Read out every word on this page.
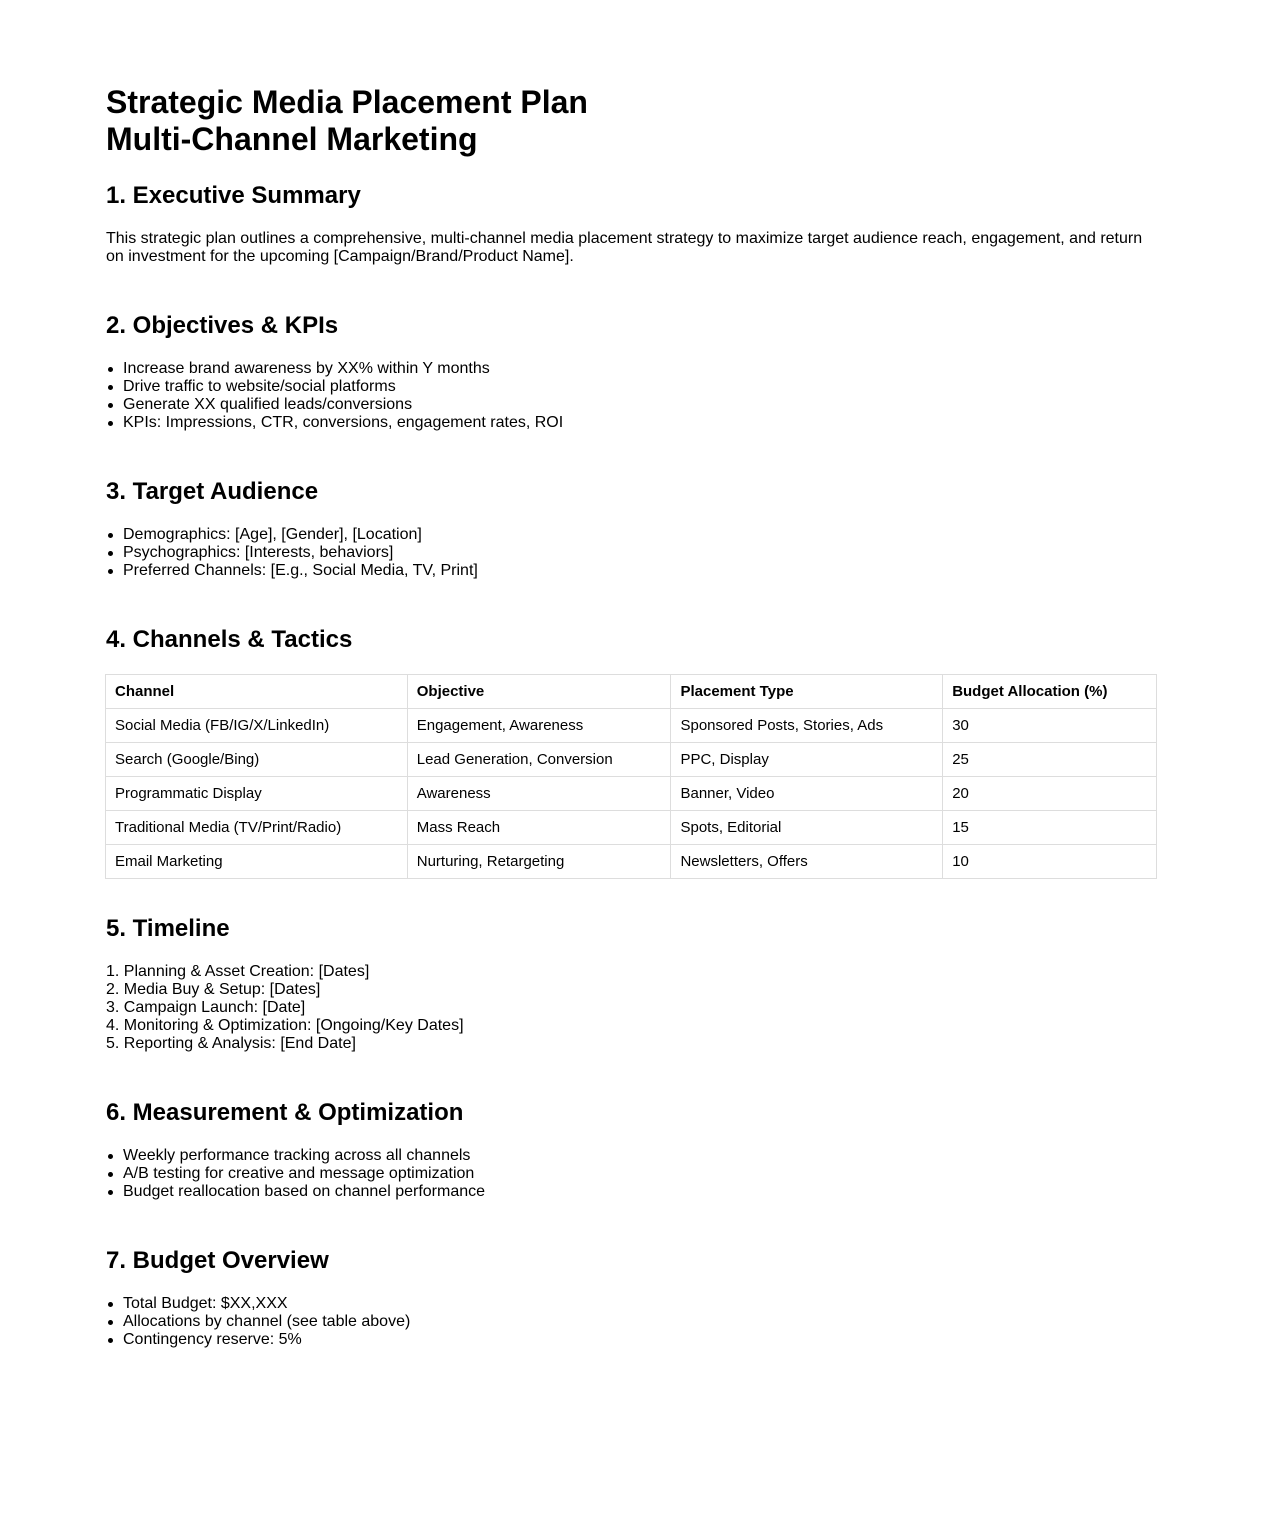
Strategic Media Placement Plan
Multi-Channel Marketing
1. Executive Summary

This strategic plan outlines a comprehensive, multi-channel media placement strategy to maximize target audience reach, engagement, and return on investment for the upcoming [Campaign/Brand/Product Name].

2. Objectives & KPIs
Increase brand awareness by XX% within Y months
Drive traffic to website/social platforms
Generate XX qualified leads/conversions
KPIs: Impressions, CTR, conversions, engagement rates, ROI
3. Target Audience
Demographics: [Age], [Gender], [Location]
Psychographics: [Interests, behaviors]
Preferred Channels: [E.g., Social Media, TV, Print]
4. Channels & Tactics
Channel	Objective	Placement Type	Budget Allocation (%)
Social Media (FB/IG/X/LinkedIn)	Engagement, Awareness	Sponsored Posts, Stories, Ads	30
Search (Google/Bing)	Lead Generation, Conversion	PPC, Display	25
Programmatic Display	Awareness	Banner, Video	20
Traditional Media (TV/Print/Radio)	Mass Reach	Spots, Editorial	15
Email Marketing	Nurturing, Retargeting	Newsletters, Offers	10
5. Timeline
1. Planning & Asset Creation: [Dates]
2. Media Buy & Setup: [Dates]
3. Campaign Launch: [Date]
4. Monitoring & Optimization: [Ongoing/Key Dates]
5. Reporting & Analysis: [End Date]
6. Measurement & Optimization
Weekly performance tracking across all channels
A/B testing for creative and message optimization
Budget reallocation based on channel performance
7. Budget Overview
Total Budget: $XX,XXX
Allocations by channel (see table above)
Contingency reserve: 5%
